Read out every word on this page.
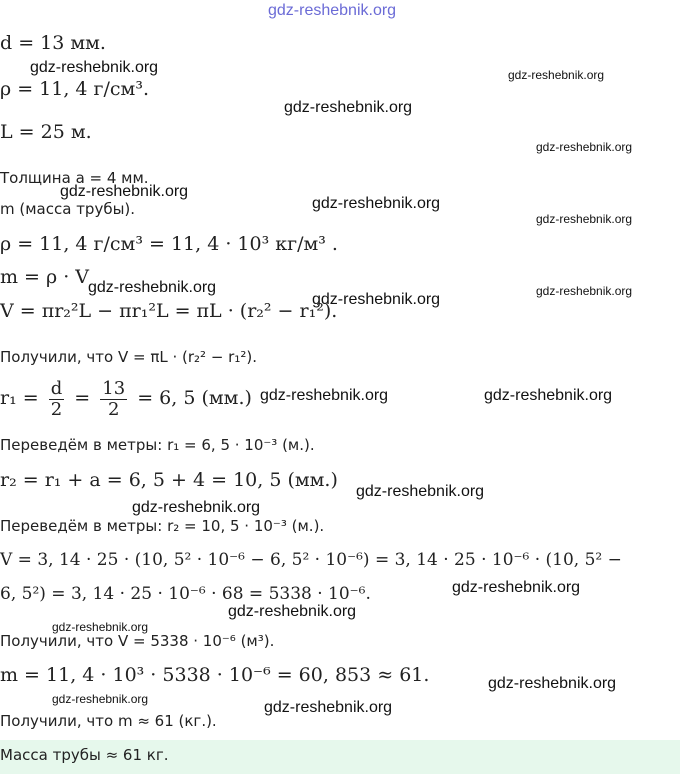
gdz-reshebnik.org
gdz-reshebnik.org	gdz-reshebnik.org
gdz-reshebnik.org
gdz-reshebnik.org
gdz-reshebnik.org
gdz-reshebnik.org
gdz-reshebnik.org
gdz-reshebnik.org	gdz-reshebnik.org
gdz-reshebnik.org
gdz-reshebnik.org	gdz-reshebnik.org
gdz-reshebnik.org
gdz-reshebnik.org
gdz-reshebnik.org
gdz-reshebnik.org
gdz-reshebnik.org
gdz-reshebnik.org
gdz-reshebnik.org	gdz-reshebnik.org
d = 13 мм.
ρ = 11, 4 г/см³.
L = 25 м.
Толщина a = 4 мм.
m (масса трубы).
ρ = 11, 4 г/см³ = 11, 4 · 10³ кг/м³ .
m = ρ · V
V = πr₂²L − πr₁²L = πL · (r₂² − r₁²).
Получили, что V = πL · (r₂² − r₁²).
$r_1 = \frac{d}{2} = \frac{13}{2} = 6$, 5 (мм.)
Переведём в метры: r₁ = 6, 5 · 10⁻³ (м.).
r₂ = r₁ + a = 6, 5 + 4 = 10, 5 (мм.)
Переведём в метры: r₂ = 10, 5 · 10⁻³ (м.).
V = 3, 14 · 25 · (10, 5² · 10⁻⁶ − 6, 5² · 10⁻⁶) = 3, 14 · 25 · 10⁻⁶ · (10, 5² −
6, 5²) = 3, 14 · 25 · 10⁻⁶ · 68 = 5338 · 10⁻⁶.
Получили, что V = 5338 · 10⁻⁶ (м³).
m = 11, 4 · 10³ · 5338 · 10⁻⁶ = 60, 853 ≈ 61.
Получили, что m ≈ 61 (кг.).
Масса трубы ≈ 61 кг.
